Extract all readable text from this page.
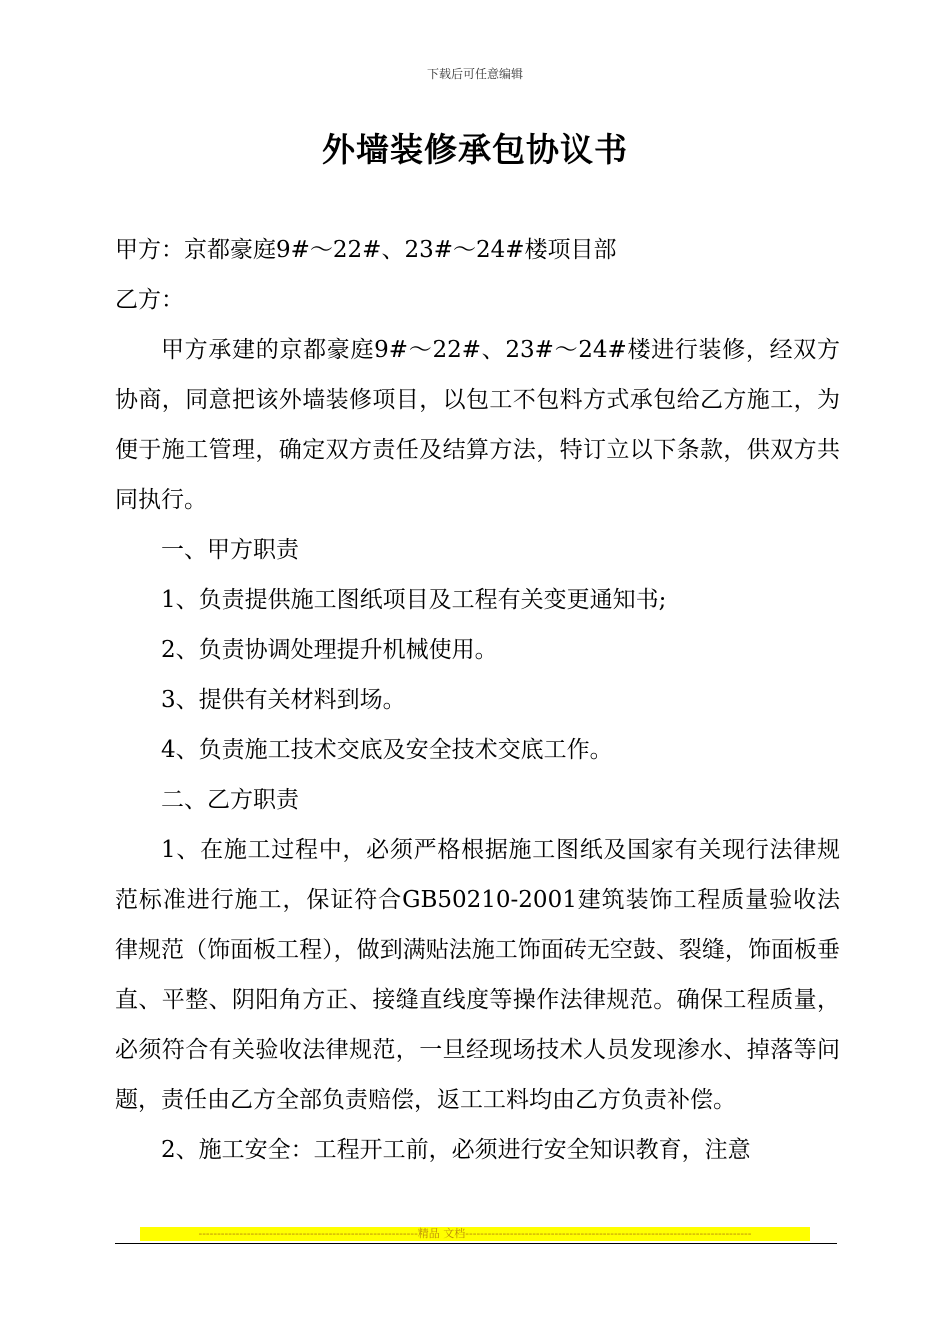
下载后可任意编辑
外墙装修承包协议书

甲方：京都豪庭9#～22#、23#～24#楼项目部

乙方：

甲方承建的京都豪庭9#～22#、23#～24#楼进行装修，经双方协商，同意把该外墙装修项目，以包工不包料方式承包给乙方施工，为便于施工管理，确定双方责任及结算方法，特订立以下条款，供双方共同执行。

一、甲方职责

1、负责提供施工图纸项目及工程有关变更通知书;

2、负责协调处理提升机械使用。

3、提供有关材料到场。

4、负责施工技术交底及安全技术交底工作。

二、乙方职责

1、在施工过程中，必须严格根据施工图纸及国家有关现行法律规范标准进行施工，保证符合GB50210-2001建筑装饰工程质量验收法律规范（饰面板工程），做到满贴法施工饰面砖无空鼓、裂缝，饰面板垂直、平整、阴阳角方正、接缝直线度等操作法律规范。确保工程质量，必须符合有关验收法律规范，一旦经现场技术人员发现渗水、掉落等问题，责任由乙方全部负责赔偿，返工工料均由乙方负责补偿。

2、施工安全：工程开工前，必须进行安全知识教育，注意

-----------------------------------------------------------精品 文档-----------------------------------------------------------------------------
